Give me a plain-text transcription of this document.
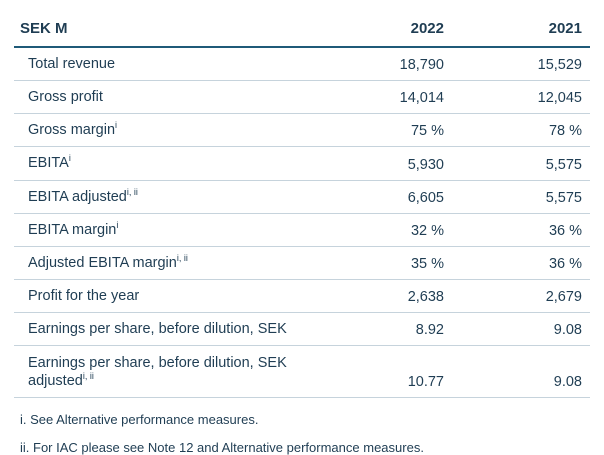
SEK M	2022	2021
Total revenue	18,790	15,529
Gross profit	14,014	12,045
Gross margin$^i$	75 %	78 %
EBITA$^i$	5,930	5,575
EBITA adjusted$^{i, ii}$	6,605	5,575
EBITA margin$^i$	32 %	36 %
Adjusted EBITA margin$^{i, ii}$	35 %	36 %
Profit for the year	2,638	2,679
Earnings per share, before dilution, SEK	8.92	9.08
Earnings per share, before dilution, SEK adjusted$^{i, ii}$	10.77	9.08
i. See Alternative performance measures.
ii. For IAC please see Note 12 and Alternative performance measures.
